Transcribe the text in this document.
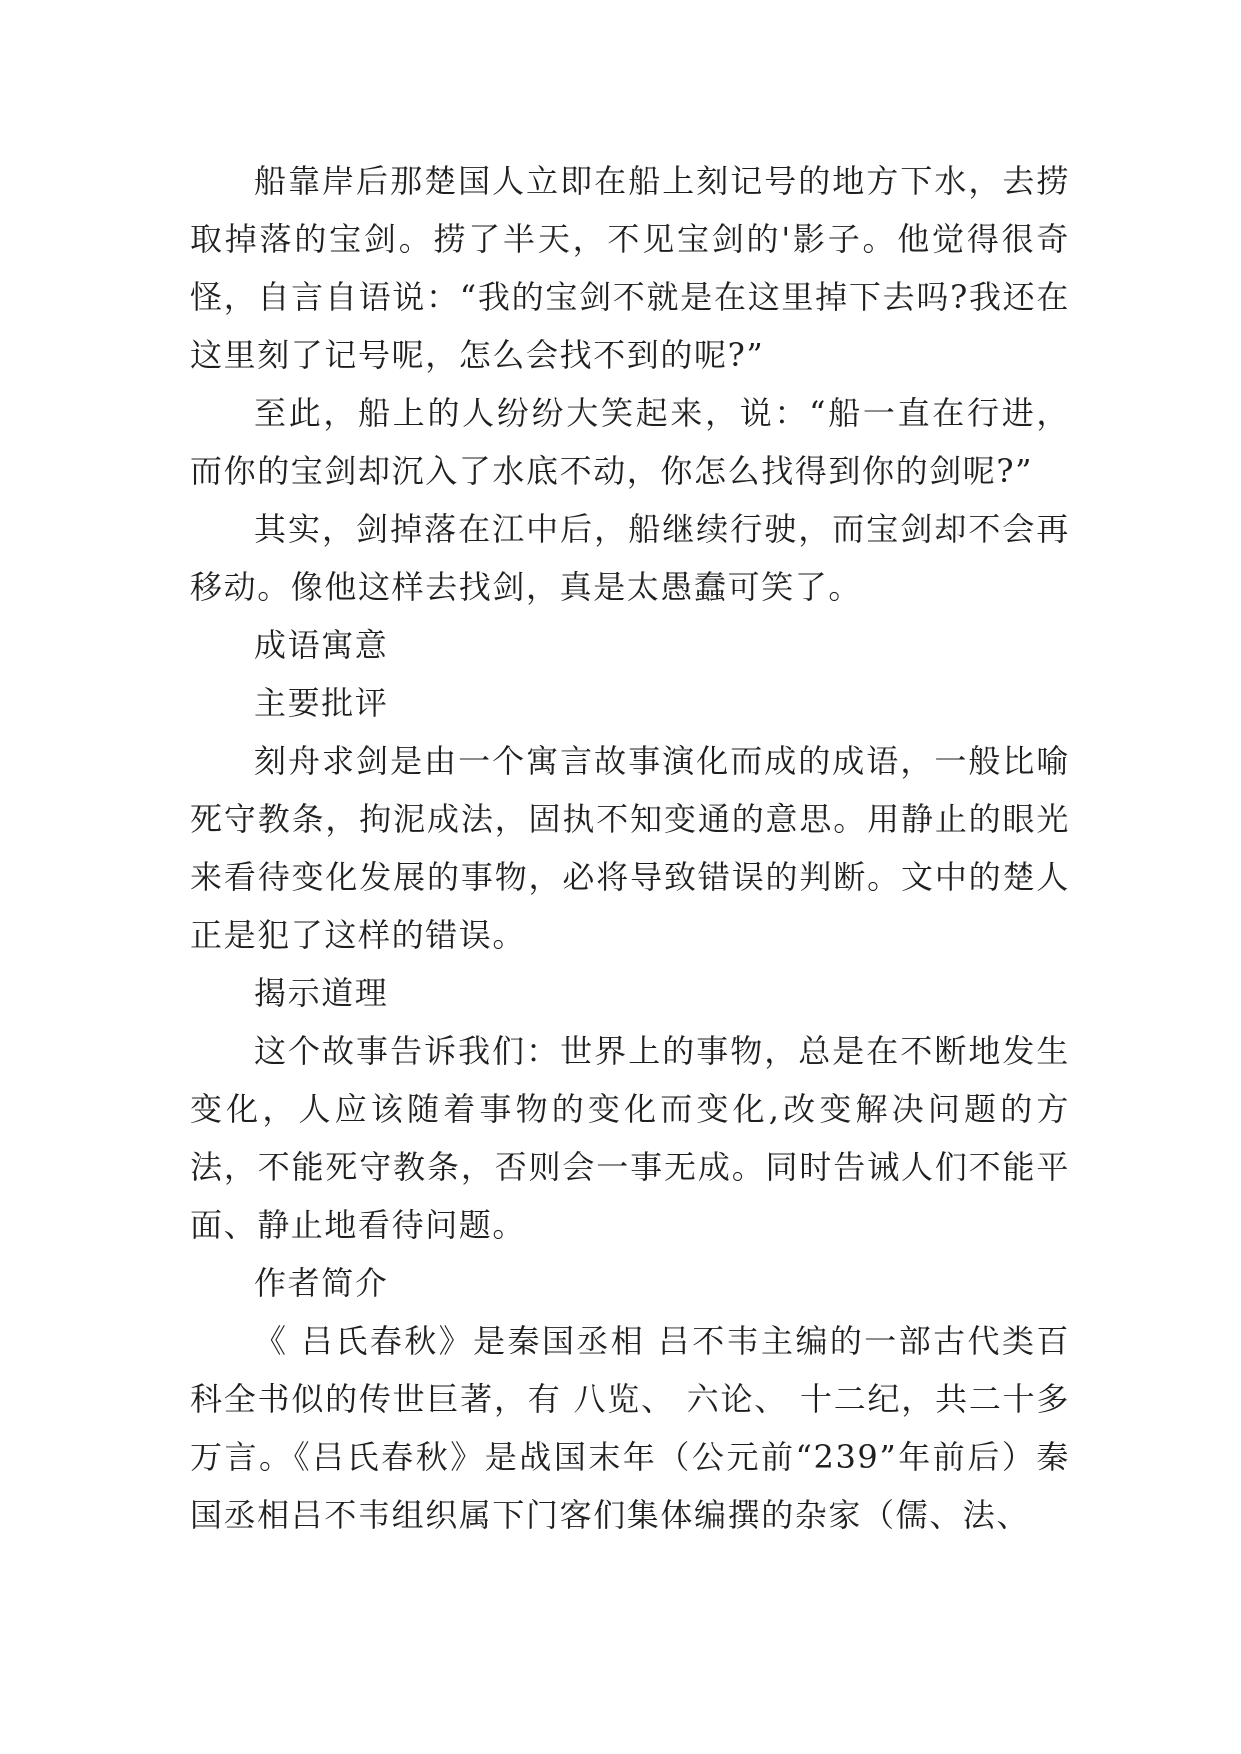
船靠岸后那楚国人立即在船上刻记号的地方下水，去捞取掉落的宝剑。捞了半天，不见宝剑的'影子。他觉得很奇怪，自言自语说：“我的宝剑不就是在这里掉下去吗?我还在这里刻了记号呢，怎么会找不到的呢?”

至此，船上的人纷纷大笑起来，说：“船一直在行进，而你的宝剑却沉入了水底不动，你怎么找得到你的剑呢?”

其实，剑掉落在江中后，船继续行驶，而宝剑却不会再移动。像他这样去找剑，真是太愚蠢可笑了。

成语寓意

主要批评

刻舟求剑是由一个寓言故事演化而成的成语，一般比喻死守教条，拘泥成法，固执不知变通的意思。用静止的眼光来看待变化发展的事物，必将导致错误的判断。文中的楚人正是犯了这样的错误。

揭示道理

这个故事告诉我们：世界上的事物，总是在不断地发生变化，人应该随着事物的变化而变化,改变解决问题的方法，不能死守教条，否则会一事无成。同时告诫人们不能平面、静止地看待问题。

作者简介

《 吕氏春秋》是秦国丞相 吕不韦主编的一部古代类百科全书似的传世巨著，有 八览、 六论、 十二纪，共二十多万言。《吕氏春秋》是战国末年（公元前“239”年前后）秦国丞相吕不韦组织属下门客们集体编撰的杂家（儒、法、
